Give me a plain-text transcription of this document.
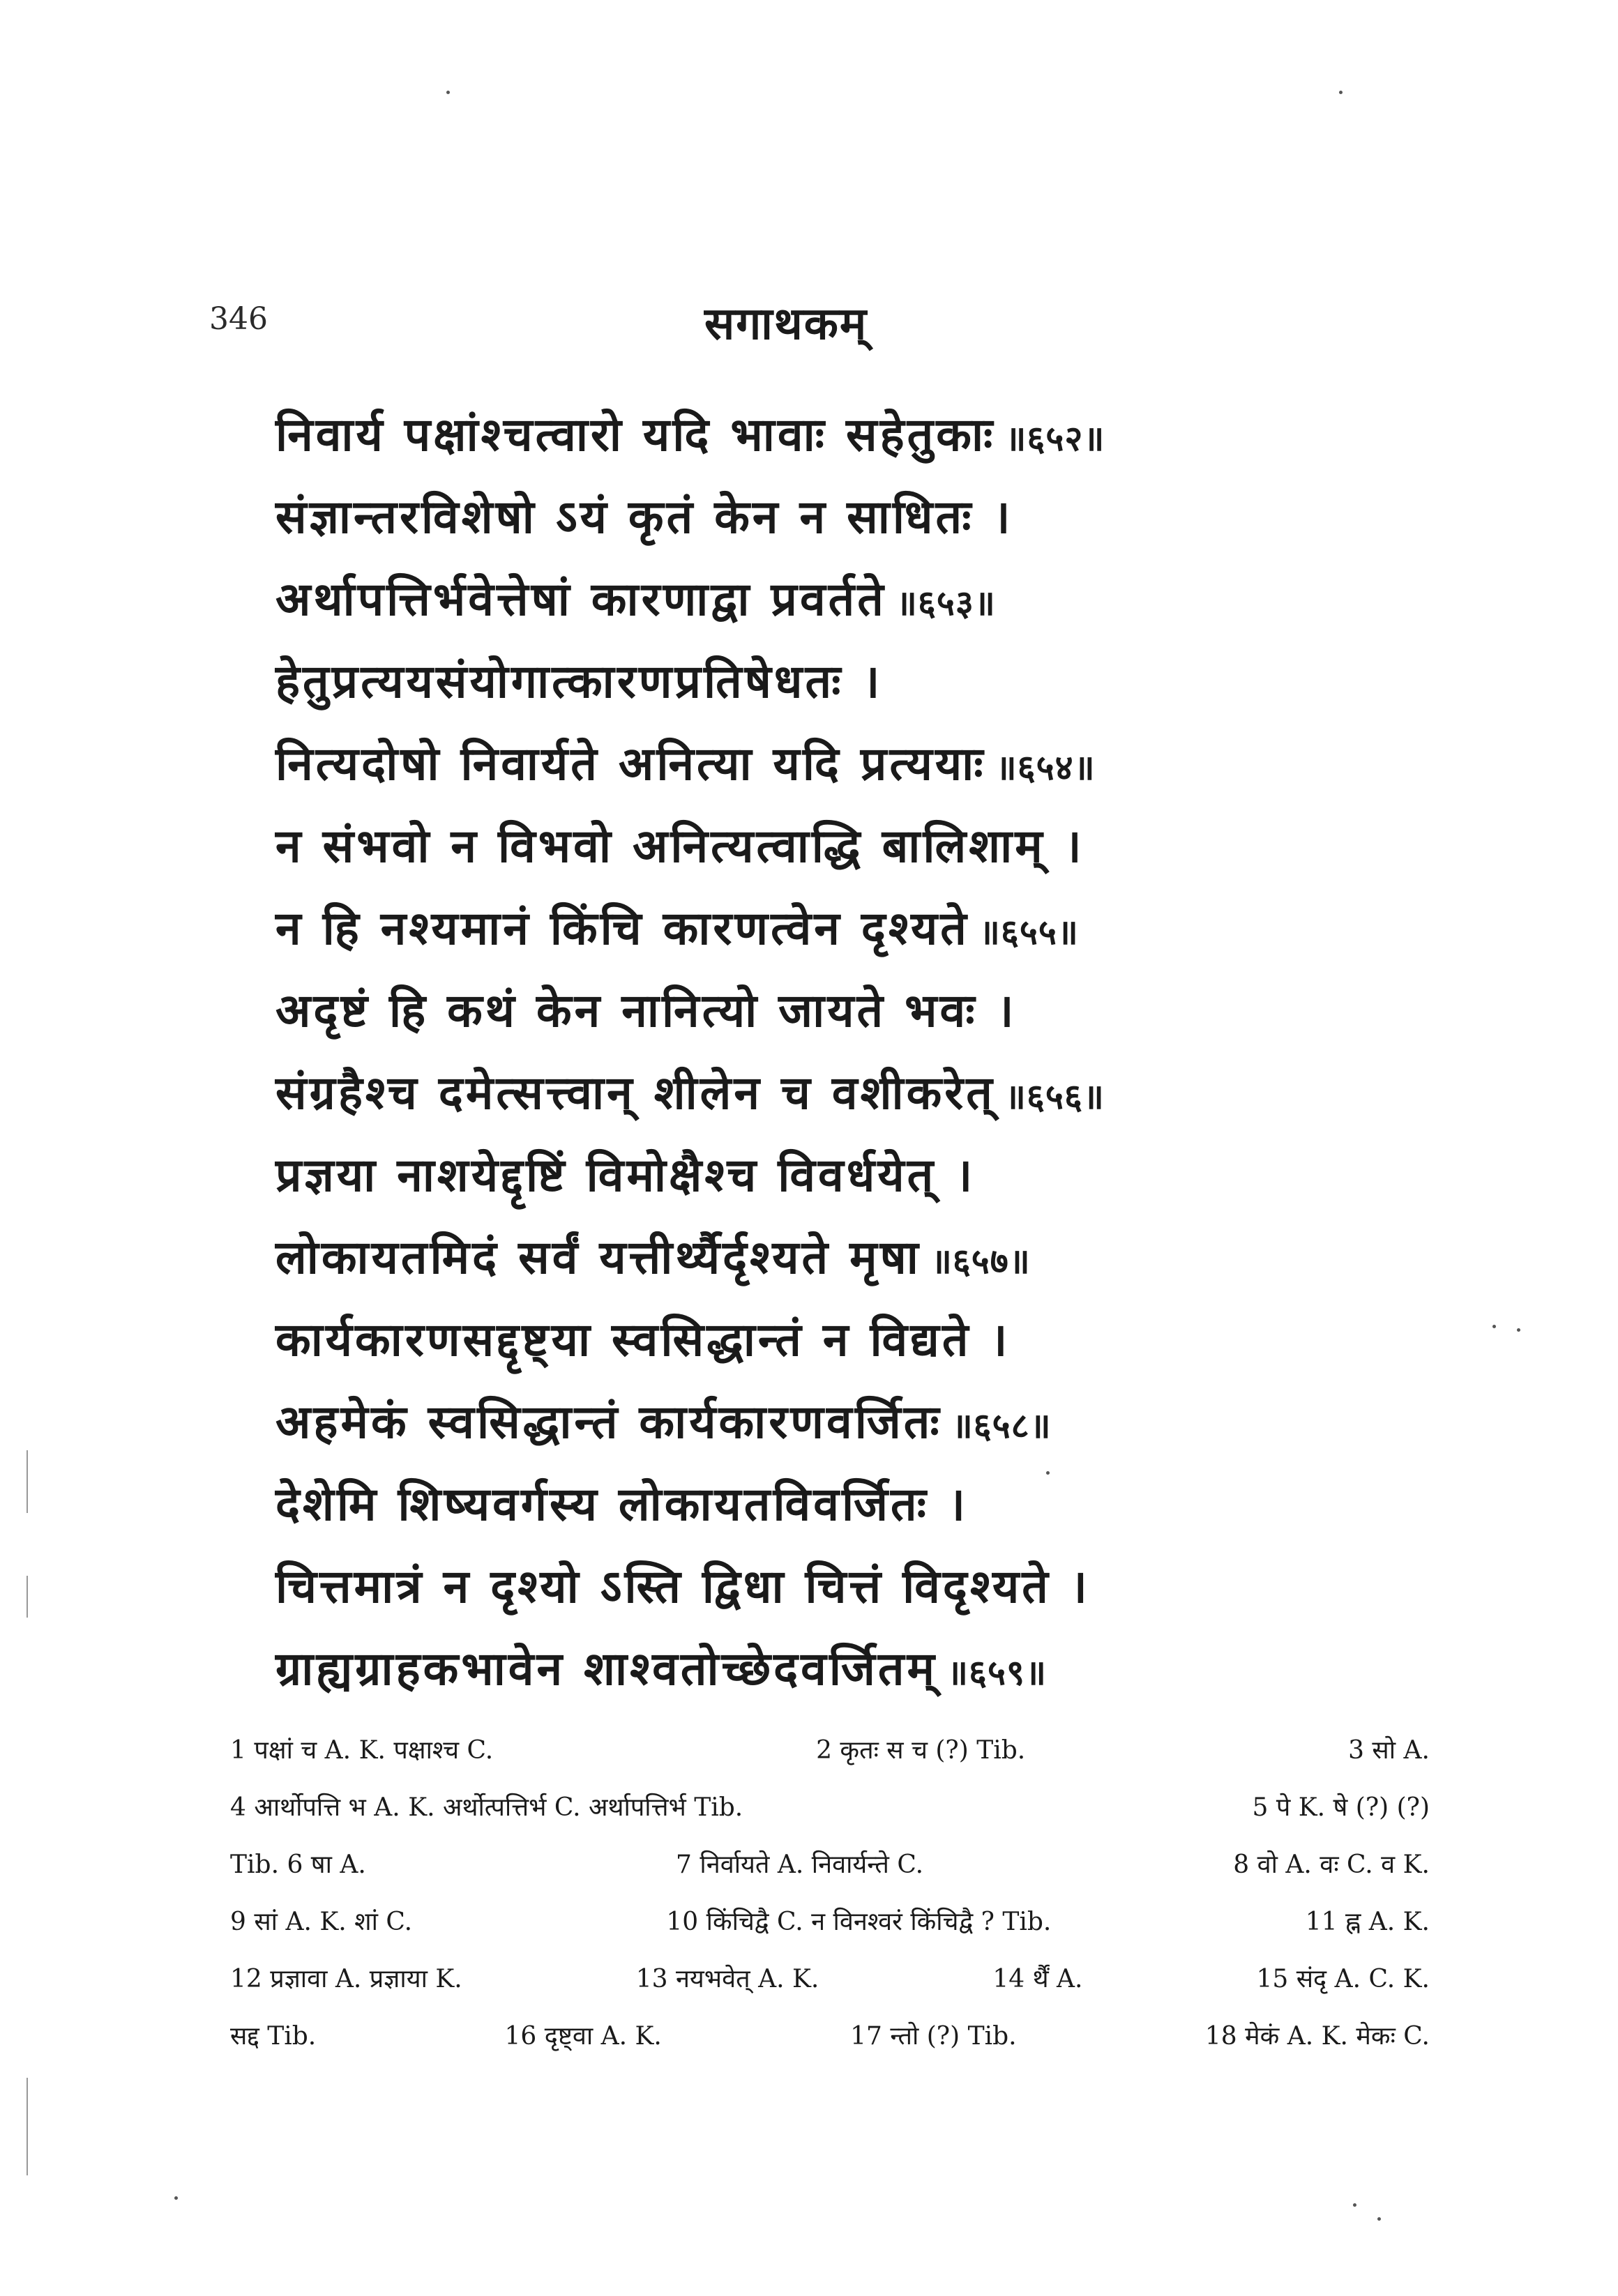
346	सगाथकम्
निवार्य पक्षांश्चत्वारो यदि भावाः सहेतुकाः ॥६५२॥
संज्ञान्तरविशेषो ऽयं कृतं केन न साधितः ।
अर्थापत्तिर्भवेत्तेषां कारणाद्वा प्रवर्तते ॥६५३॥
हेतुप्रत्ययसंयोगात्कारणप्रतिषेधतः ।
नित्यदोषो निवार्यते अनित्या यदि प्रत्ययाः ॥६५४॥
न संभवो न विभवो अनित्यत्वाद्धि बालिशाम् ।
न हि नश्यमानं किंचि कारणत्वेन दृश्यते ॥६५५॥
अदृष्टं हि कथं केन नानित्यो जायते भवः ।
संग्रहैश्च दमेत्सत्त्वान् शीलेन च वशीकरेत् ॥६५६॥
प्रज्ञया नाशयेद्दृष्टिं विमोक्षैश्च विवर्धयेत् ।
लोकायतमिदं सर्वं यत्तीर्थ्यैर्दृश्यते मृषा ॥६५७॥
कार्यकारणसद्दृष्ट्या स्वसिद्धान्तं न विद्यते ।
अहमेकं स्वसिद्धान्तं कार्यकारणवर्जितः ॥६५८॥
देशेमि शिष्यवर्गस्य लोकायतविवर्जितः ।
चित्तमात्रं न दृश्यो ऽस्ति द्विधा चित्तं विदृश्यते ।
ग्राह्यग्राहकभावेन शाश्वतोच्छेदवर्जितम् ॥६५९॥
1 पक्षां च A. K. पक्षाश्च C.	2 कृतः स च (?) Tib.	3 सो A.
4 आर्थोपत्ति भ A. K. अर्थोत्पत्तिर्भ C. अर्थापत्तिर्भ Tib.	5 पे K. षे (?) (?)
Tib. 6 षा A.	7 निर्वायते A. निवार्यन्ते C.	8 वो A. वः C. व K.
9 सां A. K. शां C.	10 किंचिद्वै C. न विनश्वरं किंचिद्वै ? Tib.	11 ह्न A. K.
12 प्रज्ञावा A. प्रज्ञाया K.	13 नयभवेत् A. K.	14 र्थैं A.	15 संदृ A. C. K.
सद्द Tib.	16 दृष्ट्वा A. K.	17 न्तो (?) Tib.	18 मेकं A. K. मेकः C.
